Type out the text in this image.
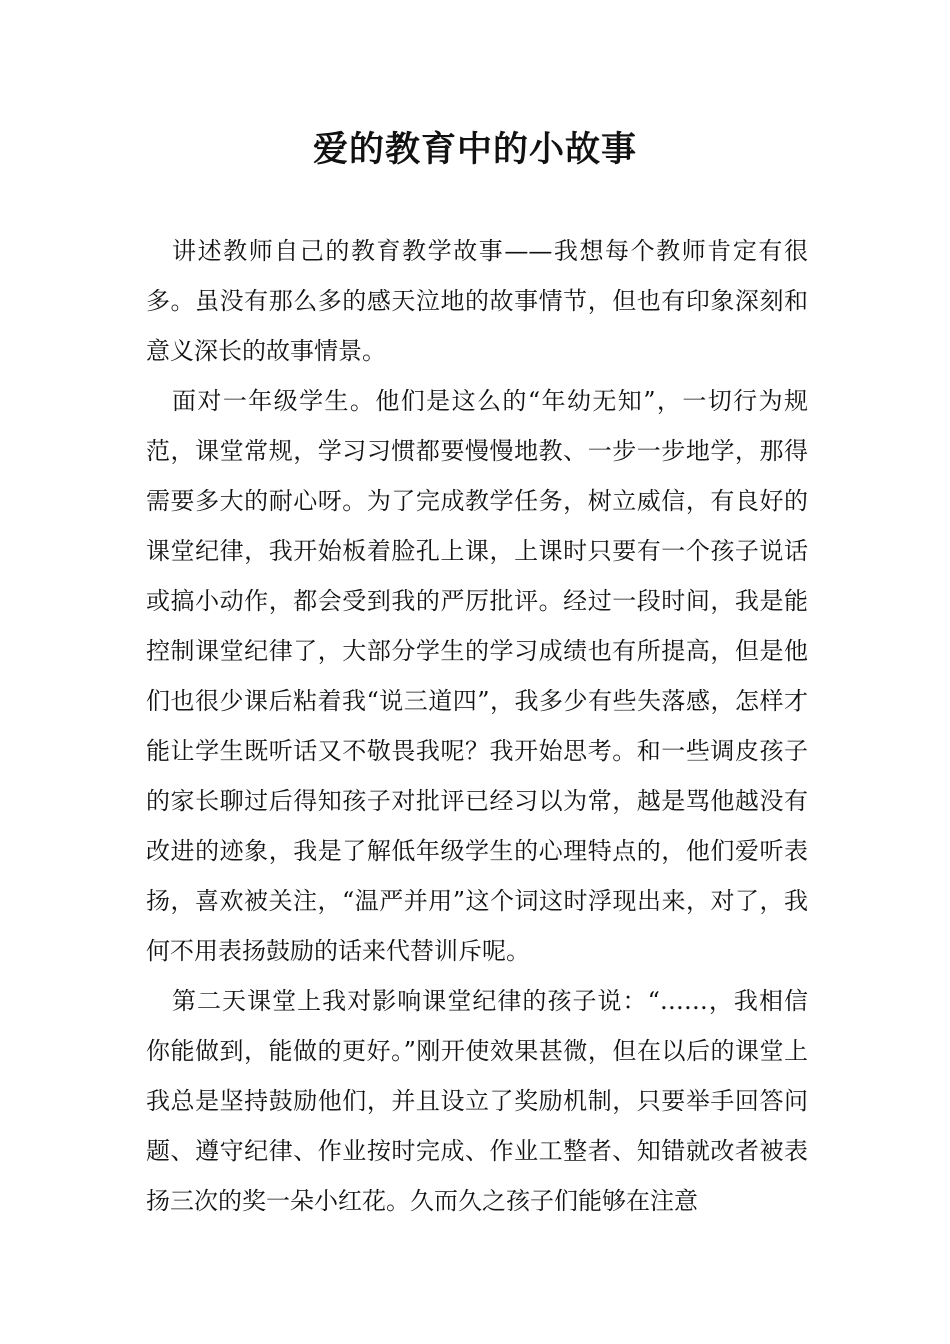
爱的教育中的小故事

讲述教师自己的教育教学故事——我想每个教师肯定有很多。虽没有那么多的感天泣地的故事情节，但也有印象深刻和意义深长的故事情景。

面对一年级学生。他们是这么的“年幼无知”，一切行为规范，课堂常规，学习习惯都要慢慢地教、一步一步地学，那得需要多大的耐心呀。为了完成教学任务，树立威信，有良好的课堂纪律，我开始板着脸孔上课，上课时只要有一个孩子说话或搞小动作，都会受到我的严厉批评。经过一段时间，我是能控制课堂纪律了，大部分学生的学习成绩也有所提高，但是他们也很少课后粘着我“说三道四”，我多少有些失落感，怎样才能让学生既听话又不敬畏我呢？我开始思考。和一些调皮孩子的家长聊过后得知孩子对批评已经习以为常，越是骂他越没有改进的迹象，我是了解低年级学生的心理特点的，他们爱听表扬，喜欢被关注，“温严并用”这个词这时浮现出来，对了，我何不用表扬鼓励的话来代替训斥呢。

第二天课堂上我对影响课堂纪律的孩子说：“……，我相信你能做到，能做的更好。”刚开使效果甚微，但在以后的课堂上我总是坚持鼓励他们，并且设立了奖励机制，只要举手回答问题、遵守纪律、作业按时完成、作业工整者、知错就改者被表扬三次的奖一朵小红花。久而久之孩子们能够在注意
